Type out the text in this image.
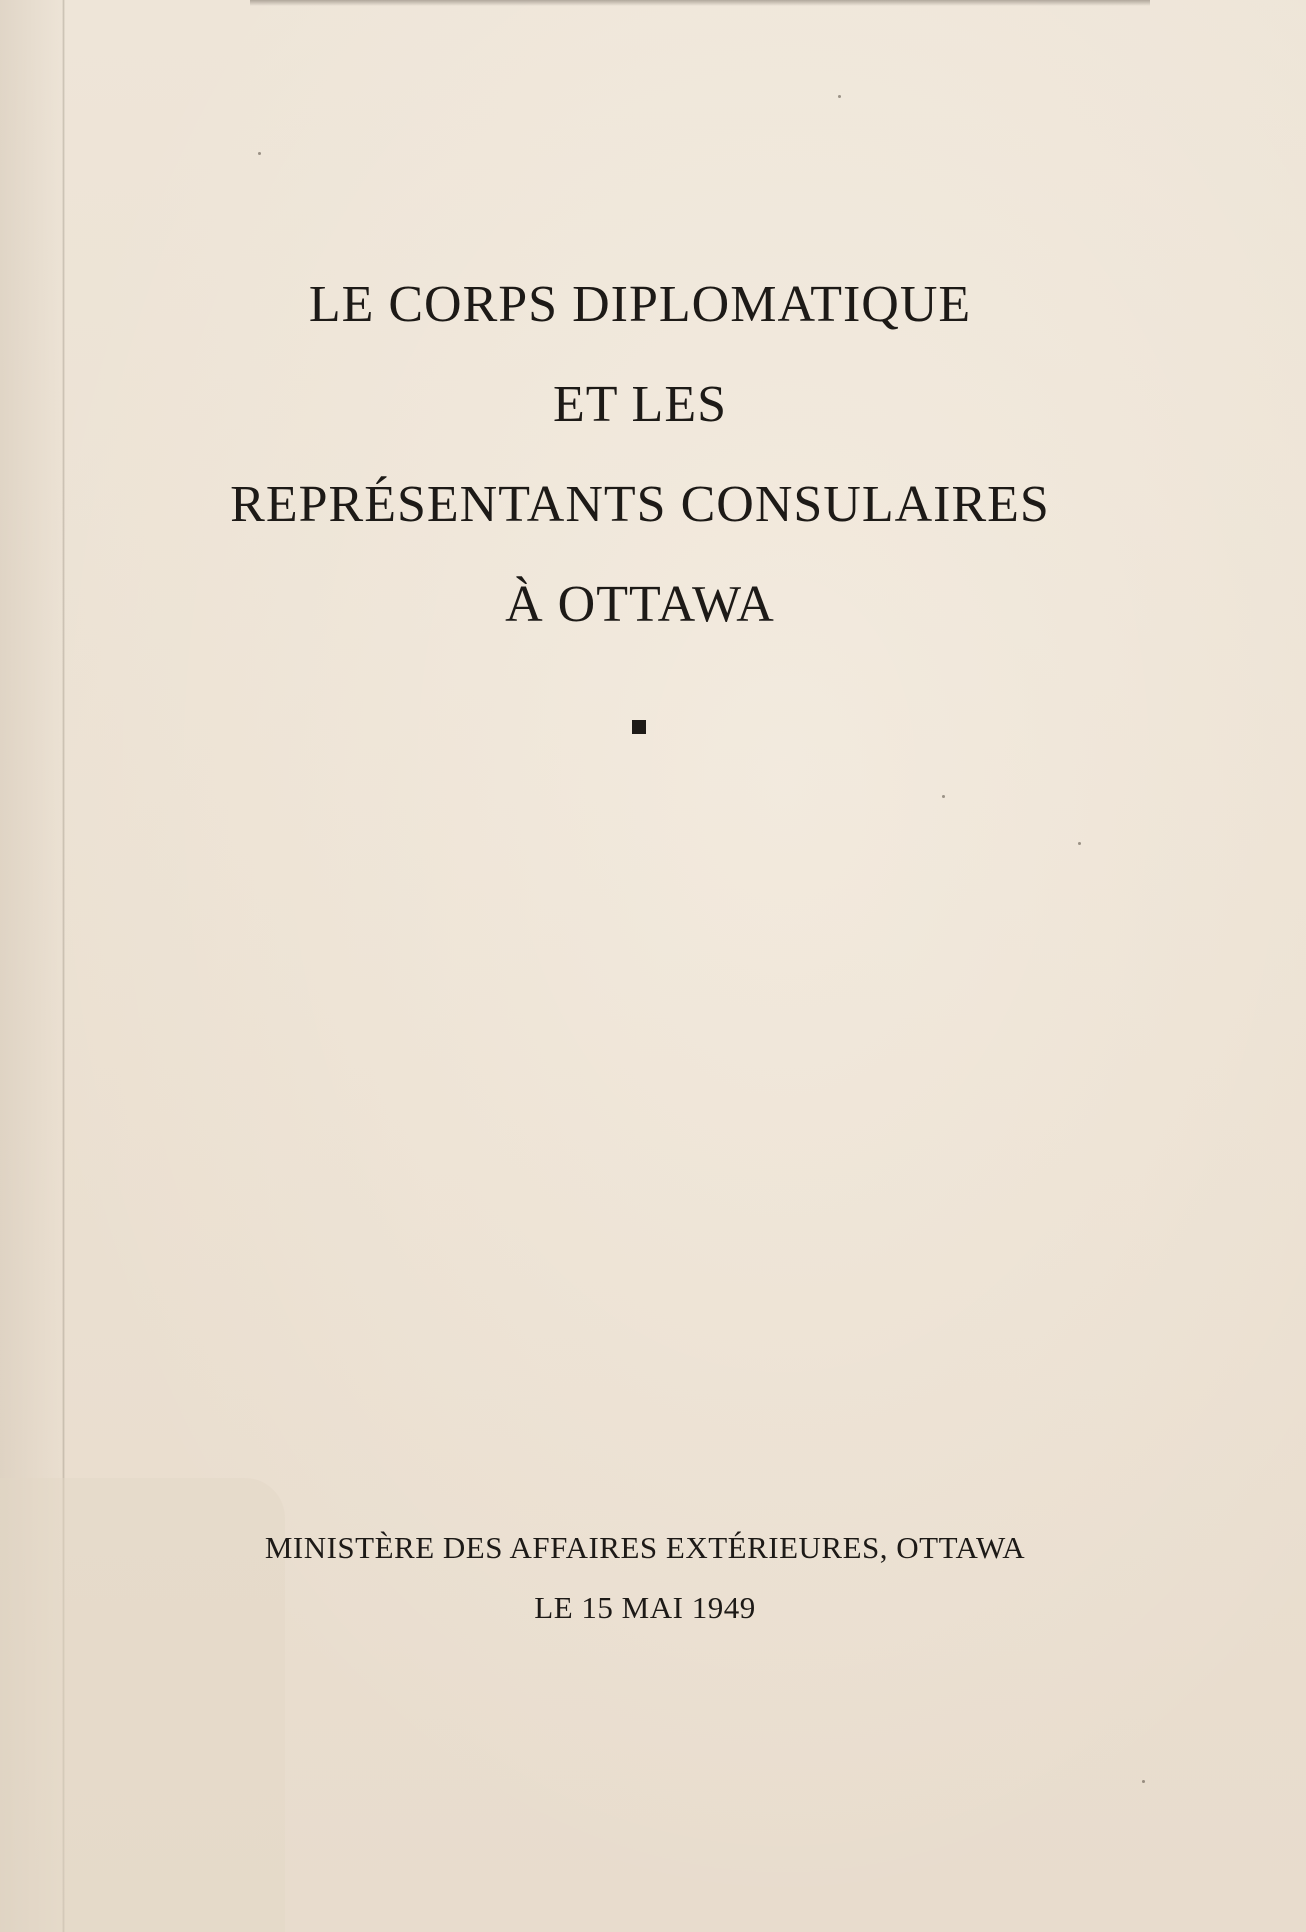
LE CORPS DIPLOMATIQUE
ET LES
REPRÉSENTANTS CONSULAIRES
À OTTAWA
MINISTÈRE DES AFFAIRES EXTÉRIEURES, OTTAWA
LE 15 MAI 1949
